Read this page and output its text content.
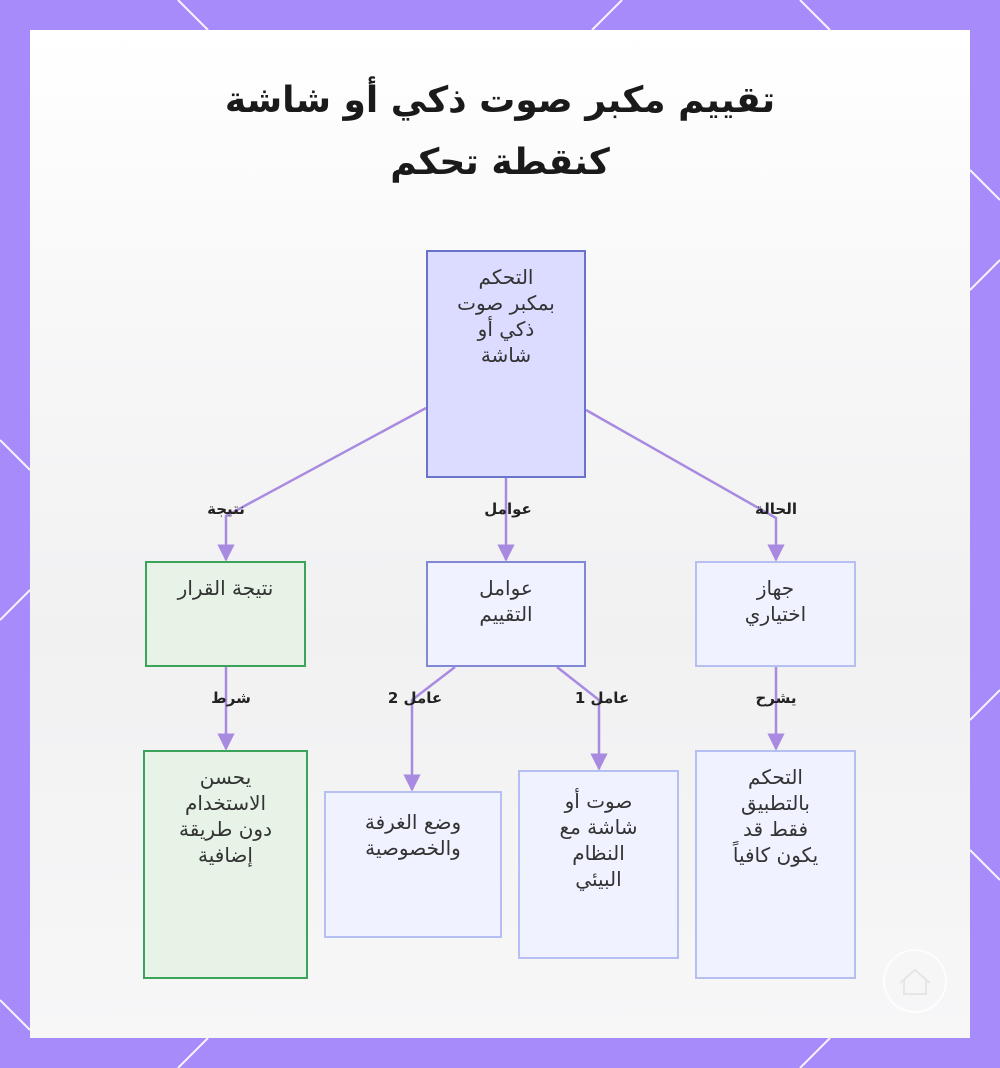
تقييم مكبر صوت ذكي أو شاشة
كنقطة تحكم
التحكم
بمكبر صوت
ذكي أو
شاشة
نتيجة القرار	عوامل
التقييم
جهاز
اختياري
يحسن
الاستخدام
دون طريقة
إضافية
وضع الغرفة
والخصوصية
صوت أو
شاشة مع
النظام
البيئي
التحكم
بالتطبيق
فقط قد
يكون كافياً
نتيجة	عوامل	الحالة
شرط	عامل 2	عامل 1	يشرح
